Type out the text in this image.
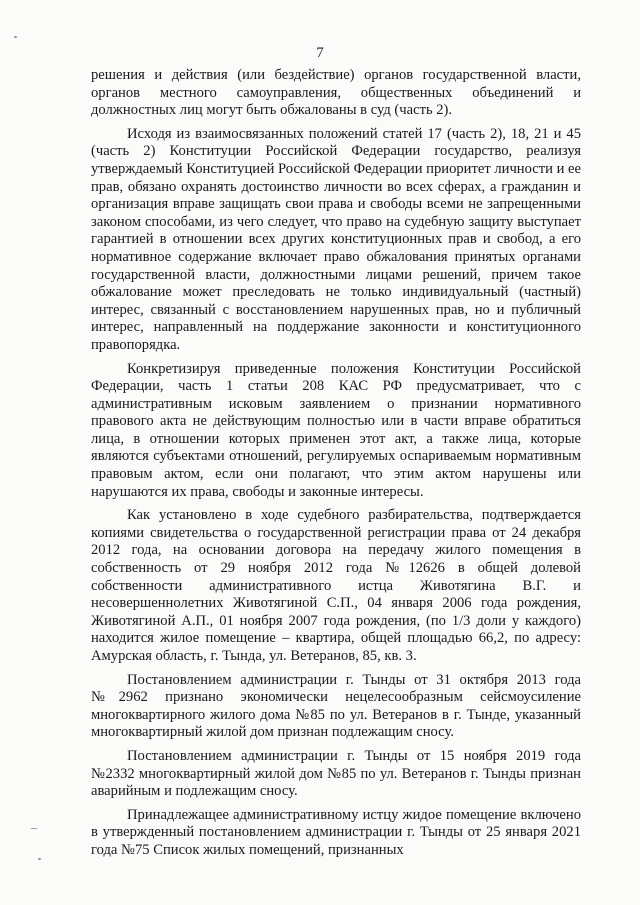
7

решения и действия (или бездействие) органов государственной власти, органов местного самоуправления, общественных объединений и должностных лиц могут быть обжалованы в суд (часть 2).

Исходя из взаимосвязанных положений статей 17 (часть 2), 18, 21 и 45 (часть 2) Конституции Российской Федерации государство, реализуя утверждаемый Конституцией Российской Федерации приоритет личности и ее прав, обязано охранять достоинство личности во всех сферах, а гражданин и организация вправе защищать свои права и свободы всеми не запрещенными законом способами, из чего следует, что право на судебную защиту выступает гарантией в отношении всех других конституционных прав и свобод, а его нормативное содержание включает право обжалования принятых органами государственной власти, должностными лицами решений, причем такое обжалование может преследовать не только индивидуальный (частный) интерес, связанный с восстановлением нарушенных прав, но и публичный интерес, направленный на поддержание законности и конституционного правопорядка.

Конкретизируя приведенные положения Конституции Российской Федерации, часть 1 статьи 208 КАС РФ предусматривает, что с административным исковым заявлением о признании нормативного правового акта не действующим полностью или в части вправе обратиться лица, в отношении которых применен этот акт, а также лица, которые являются субъектами отношений, регулируемых оспариваемым нормативным правовым актом, если они полагают, что этим актом нарушены или нарушаются их права, свободы и законные интересы.

Как установлено в ходе судебного разбирательства, подтверждается копиями свидетельства о государственной регистрации права от 24 декабря 2012 года, на основании договора на передачу жилого помещения в собственность от 29 ноября 2012 года №12626 в общей долевой собственности административного истца Животягина В.Г. и несовершеннолетних Животягиной С.П., 04 января 2006 года рождения, Животягиной А.П., 01 ноября 2007 года рождения, (по 1/3 доли у каждого) находится жилое помещение – квартира, общей площадью 66,2, по адресу: Амурская область, г. Тында, ул. Ветеранов, 85, кв. 3.

Постановлением администрации г. Тынды от 31 октября 2013 года №2962 признано экономически нецелесообразным сейсмоусиление многоквартирного жилого дома №85 по ул. Ветеранов в г. Тынде, указанный многоквартирный жилой дом признан подлежащим сносу.

Постановлением администрации г. Тынды от 15 ноября 2019 года №2332 многоквартирный жилой дом №85 по ул. Ветеранов г. Тынды признан аварийным и подлежащим сносу.

Принадлежащее административному истцу жидое помещение включено в утвержденный постановлением администрации г. Тынды от 25 января 2021 года №75 Список жилых помещений, признанных
